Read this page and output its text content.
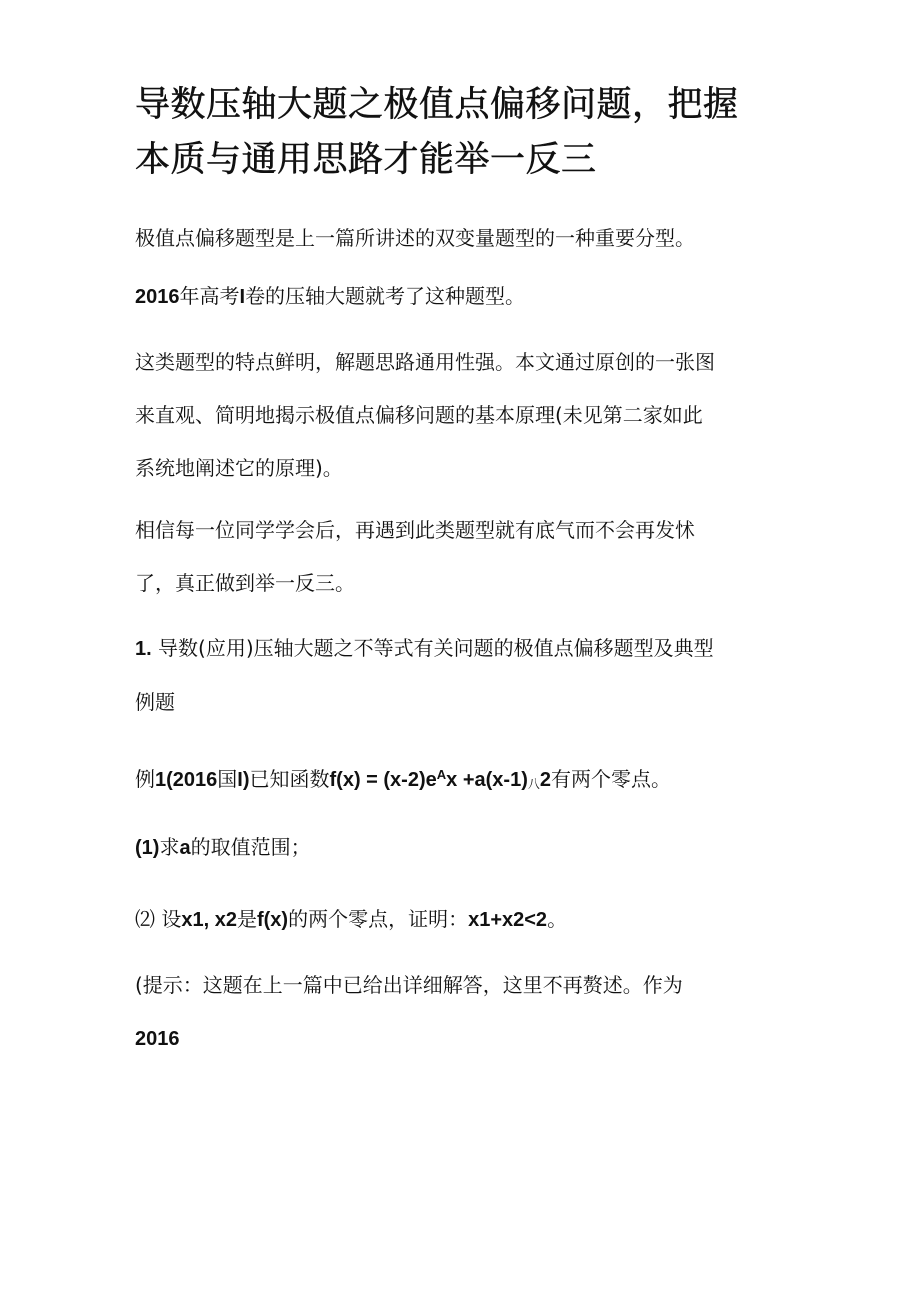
导数压轴大题之极值点偏移问题，把握
本质与通用思路才能举一反三

极值点偏移题型是上一篇所讲述的双变量题型的一种重要分型。

2016年高考I卷的压轴大题就考了这种题型。

这类题型的特点鲜明，解题思路通用性强。本文通过原创的一张图
来直观、简明地揭示极值点偏移问题的基本原理(未见第二家如此
系统地阐述它的原理)。

相信每一位同学学会后，再遇到此类题型就有底气而不会再发怵
了，真正做到举一反三。

1. 导数(应用)压轴大题之不等式有关问题的极值点偏移题型及典型
例题

例1(2016国I)已知函数$f(x) = (x-2)e^Ax +a(x-1)$八2有两个零点。

(1)求a的取值范围；

⑵ 设x1, x2是f(x)的两个零点，证明：x1+x2<2。

(提示：这题在上一篇中已给出详细解答，这里不再赘述。作为
2016
